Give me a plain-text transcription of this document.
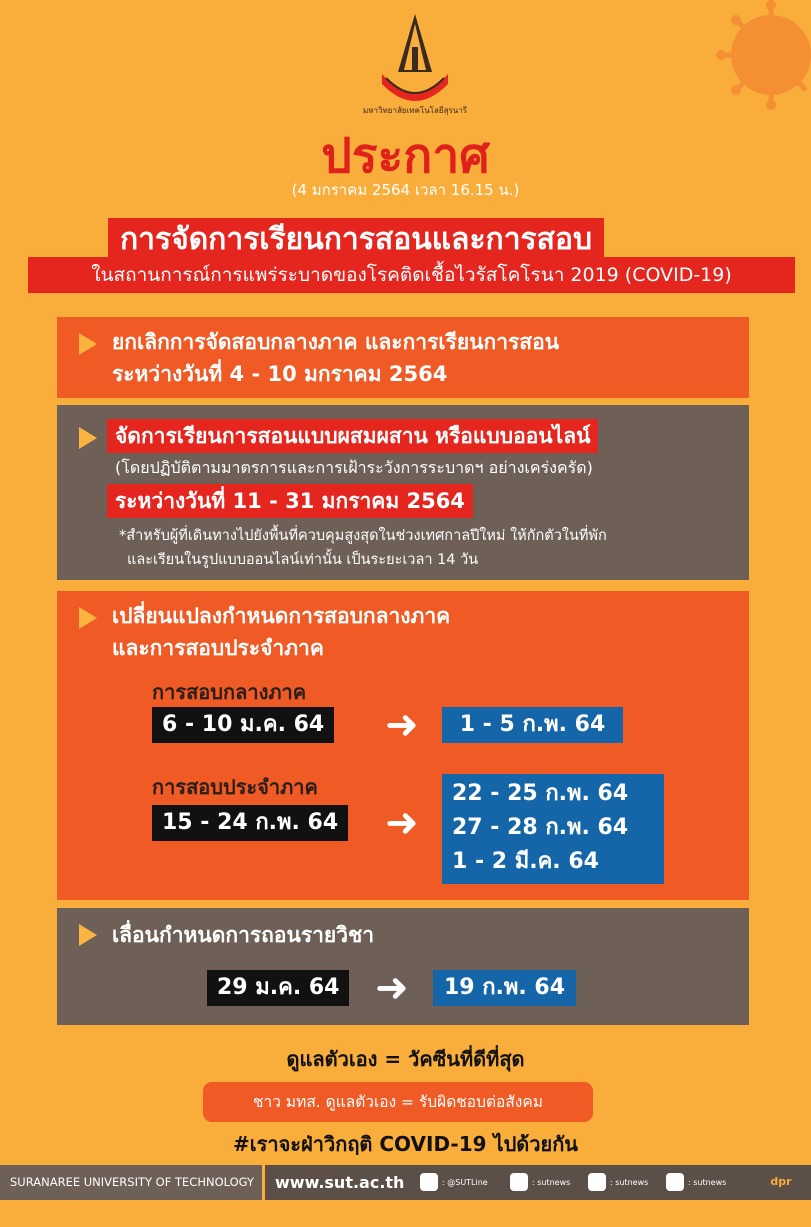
มหาวิทยาลัยเทคโนโลยีสุรนารี
ประกาศ
(4 มกราคม 2564 เวลา 16.15 น.)
การจัดการเรียนการสอนและการสอบ
ในสถานการณ์การแพร่ระบาดของโรคติดเชื้อไวรัสโคโรนา 2019 (COVID-19)
ยกเลิกการจัดสอบกลางภาค และการเรียนการสอน
ระหว่างวันที่ 4 - 10 มกราคม 2564
จัดการเรียนการสอนแบบผสมผสาน หรือแบบออนไลน์
(โดยปฏิบัติตามมาตรการและการเฝ้าระวังการระบาดฯ อย่างเคร่งครัด)
ระหว่างวันที่ 11 - 31 มกราคม 2564
*สำหรับผู้ที่เดินทางไปยังพื้นที่ควบคุมสูงสุดในช่วงเทศกาลปีใหม่ ให้กักตัวในที่พัก
และเรียนในรูปแบบออนไลน์เท่านั้น เป็นระยะเวลา 14 วัน
เปลี่ยนแปลงกำหนดการสอบกลางภาค
และการสอบประจำภาค
การสอบกลางภาค
6 - 10 ม.ค. 64 ➜	1 - 5 ก.พ. 64
การสอบประจำภาค
15 - 24 ก.พ. 64 ➜
22 - 25 ก.พ. 64
27 - 28 ก.พ. 64
1 - 2 มี.ค. 64
เลื่อนกำหนดการถอนรายวิชา
29 ม.ค. 64 ➜	19 ก.พ. 64
ดูแลตัวเอง = วัคซีนที่ดีที่สุด
ชาว มทส. ดูแลตัวเอง = รับผิดชอบต่อสังคม
#เราจะฝ่าวิกฤติ COVID-19 ไปด้วยกัน
SURANAREE UNIVERSITY OF TECHNOLOGY	www.sut.ac.th	: @SUTLine	: sutnews	: sutnews	: sutnews	dpr sut
